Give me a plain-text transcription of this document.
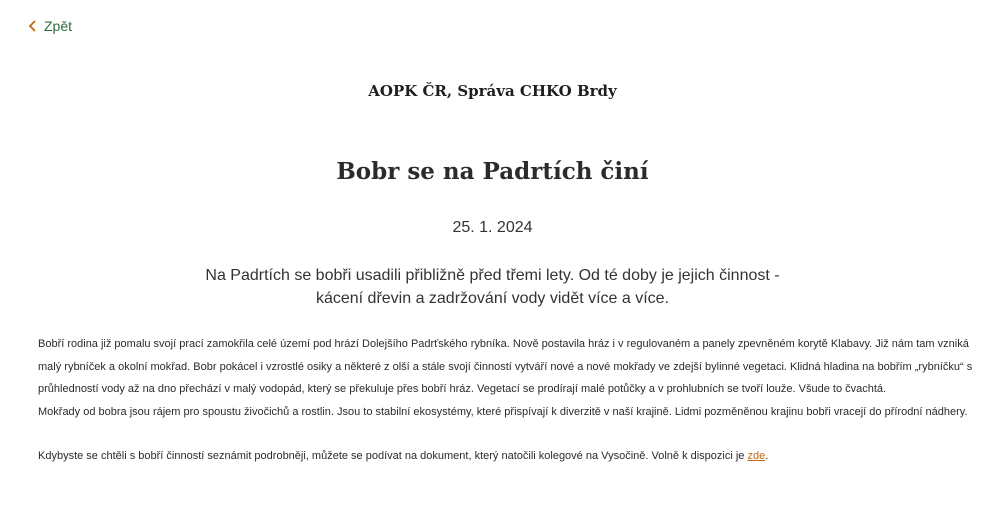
Zpět
AOPK ČR, Správa CHKO Brdy
Bobr se na Padrtích činí
25. 1. 2024
Na Padrtích se bobři usadili přibližně před třemi lety. Od té doby je jejich činnost -
kácení dřevin a zadržování vody vidět více a více.

Bobří rodina již pomalu svojí prací zamokřila celé území pod hrází Dolejšího Padrťského rybníka. Nově postavila hráz i v regulovaném a panely zpevněném korytě Klabavy. Již nám tam vzniká malý rybníček a okolní mokřad. Bobr pokácel i vzrostlé osiky a některé z olší a stále svojí činností vytváří nové a nové mokřady ve zdejší bylinné vegetaci. Klidná hladina na bobřím „rybníčku“ s průhledností vody až na dno přechází v malý vodopád, který se překuluje přes bobří hráz. Vegetací se prodírají malé potůčky a v prohlubních se tvoří louže. Všude to čvachtá.

Mokřady od bobra jsou rájem pro spoustu živočichů a rostlin. Jsou to stabilní ekosystémy, které přispívají k diverzitě v naší krajině. Lidmi pozměněnou krajinu bobři vracejí do přírodní nádhery.

Kdybyste se chtěli s bobří činností seznámit podrobněji, můžete se podívat na dokument, který natočili kolegové na Vysočině. Volně k dispozici je zde.
